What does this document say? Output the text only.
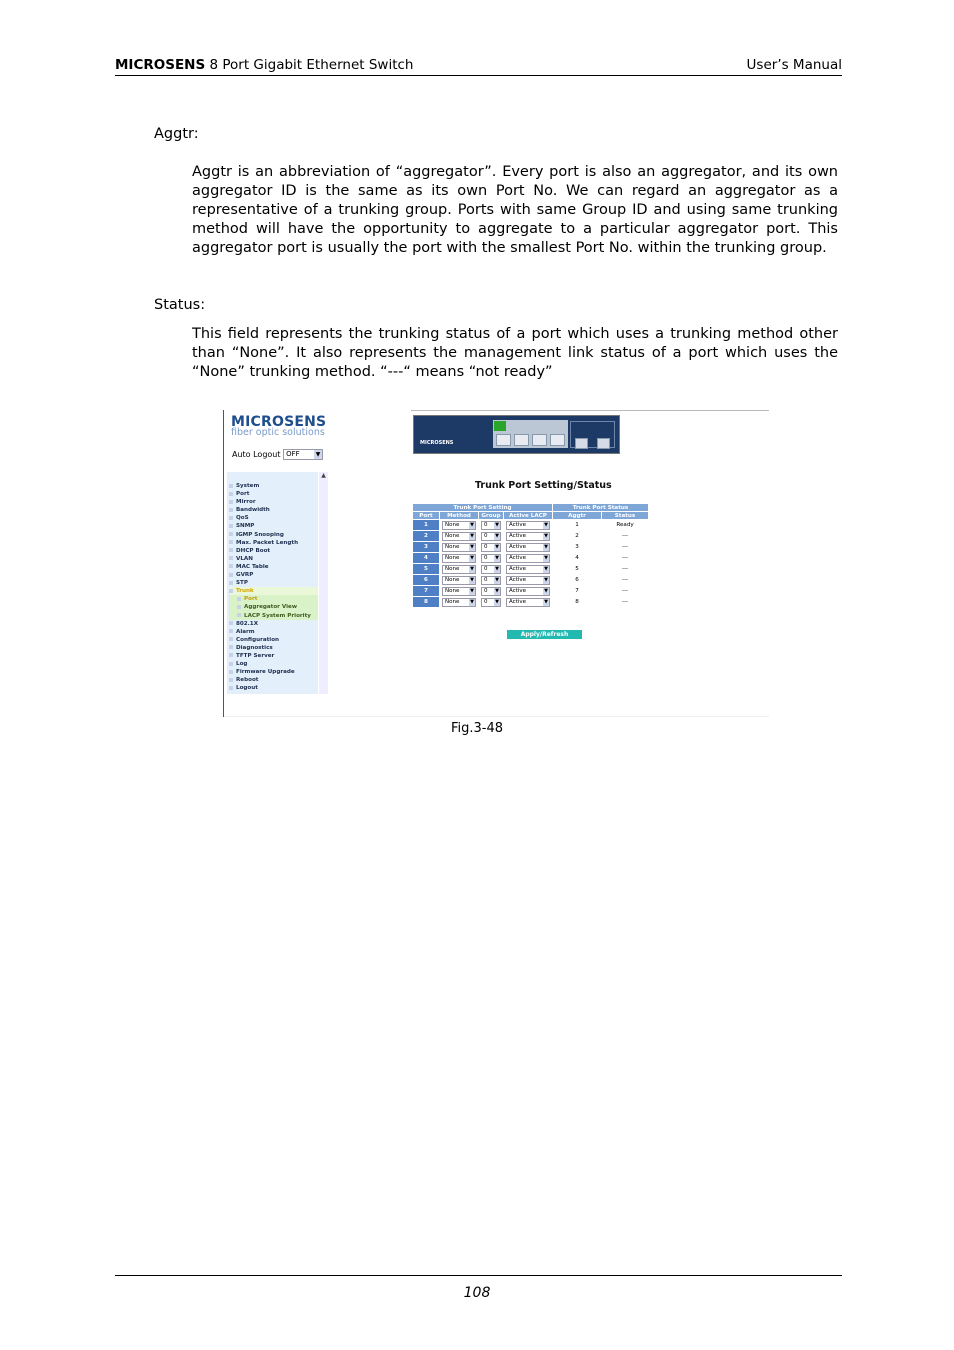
MICROSENS 8 Port Gigabit Ethernet Switch	User’s Manual
Aggtr:
Aggtr is an abbreviation of “aggregator”. Every port is also an aggregator, and its own aggregator ID is the same as its own Port No. We can regard an aggregator as a representative of a trunking group. Ports with same Group ID and using same trunking method will have the opportunity to aggregate to a particular aggregator port. This aggregator port is usually the port with the smallest Port No. within the trunking group.
Status:
This field represents the trunking status of a port which uses a trunking method other than “None”. It also represents the management link status of a port which uses the “None” trunking method. “---“ means “not ready”
MICROSENS
fiber optic solutions
Auto Logout OFF	▼
▲
System
Port
Mirror
Bandwidth
QoS
SNMP
IGMP Snooping
Max. Packet Length
DHCP Boot
VLAN
MAC Table
GVRP
STP
Trunk
Port
Aggregator View
LACP System Priority
802.1X
Alarm
Configuration
Diagnostics
TFTP Server
Log
Firmware Upgrade
Reboot
Logout
MICROSENS
Trunk Port Setting/Status
Trunk Port Setting				Trunk Port Status	
Port	Method	Group	Active LACP	Aggtr	Status
1	None ▼	0 ▼	Active ▼	1	Ready
2	None ▼	0 ▼	Active ▼	2	---
3	None ▼	0 ▼	Active ▼	3	---
4	None ▼	0 ▼	Active ▼	4	---
5	None ▼	0 ▼	Active ▼	5	---
6	None ▼	0 ▼	Active ▼	6	---
7	None ▼	0 ▼	Active ▼	7	---
8	None ▼	0 ▼	Active ▼	8	---
Apply/Refresh
Fig.3-48
108
